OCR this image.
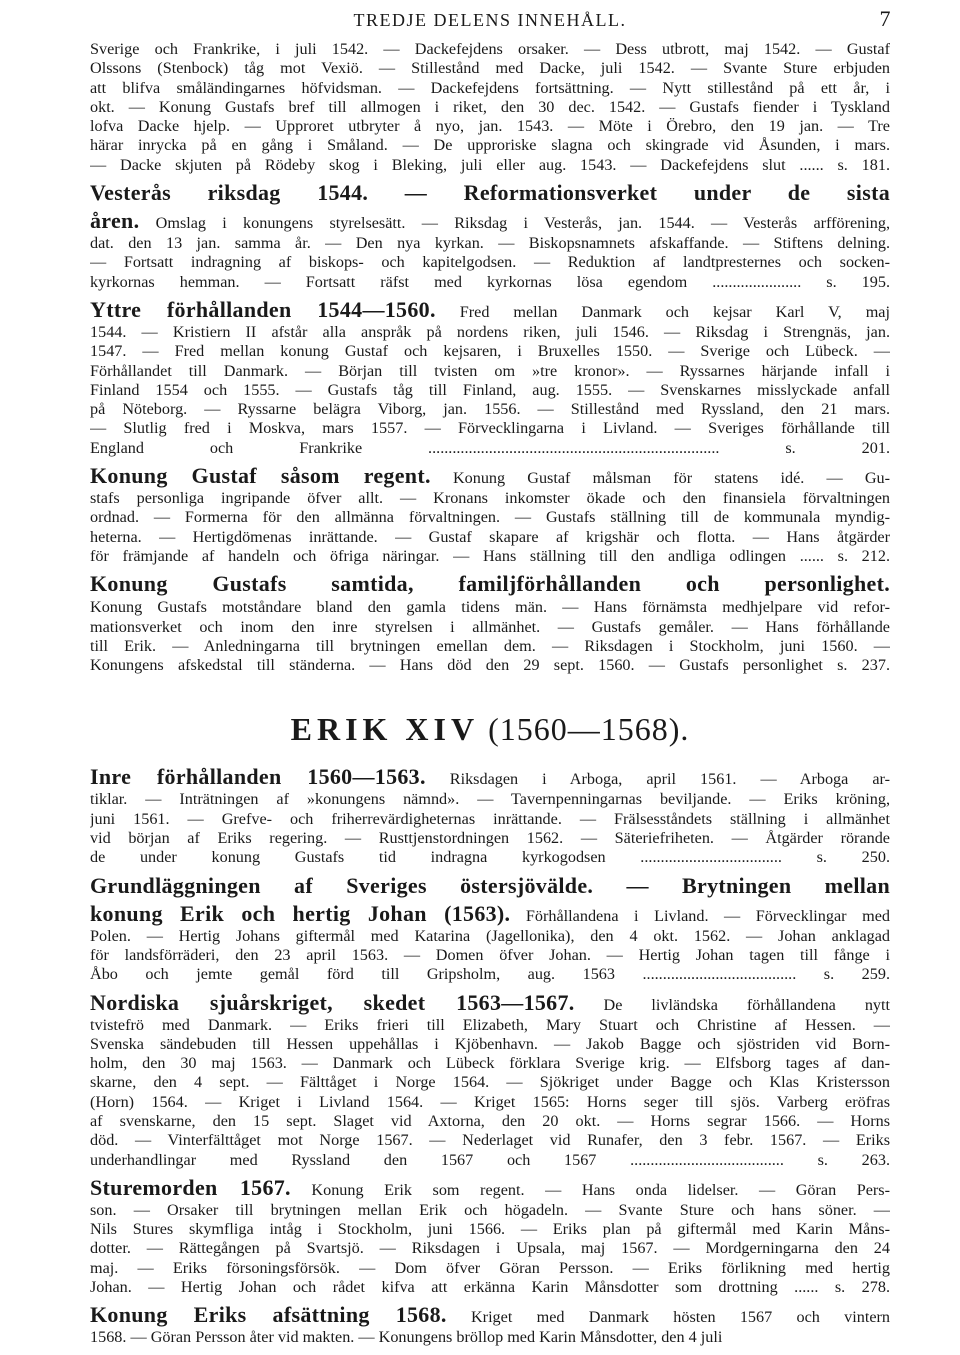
TREDJE DELENS INNEHÅLL.	7
Sverige och Frankrike, i juli 1542. — Dackefejdens orsaker. — Dess utbrott, maj 1542. — Gustaf
Olssons (Stenbock) tåg mot Vexiö. — Stillestånd med Dacke, juli 1542. — Svante Sture erbjuden
att blifva småländingarnes höfvidsman. — Dackefejdens fortsättning. — Nytt stillestånd på ett år, i
okt. — Konung Gustafs bref till allmogen i riket, den 30 dec. 1542. — Gustafs fiender i Tyskland
lofva Dacke hjelp. — Upproret utbryter å nyo, jan. 1543. — Möte i Örebro, den 19 jan. — Tre
härar inrycka på en gång i Småland. — De upproriske slagna och skingrade vid Åsunden, i mars.
— Dacke skjuten på Rödeby skog i Bleking, juli eller aug. 1543. — Dackefejdens slut ...... s. 181.
Vesterås riksdag 1544. — Reformationsverket under de sista
åren. Omslag i konungens styrelsesätt. — Riksdag i Vesterås, jan. 1544. — Vesterås arfförening,
dat. den 13 jan. samma år. — Den nya kyrkan. — Biskopsnamnets afskaffande. — Stiftens delning.
— Fortsatt indragning af biskops- och kapitelgodsen. — Reduktion af landtpresternes och socken-
kyrkornas hemman. — Fortsatt räfst med kyrkornas lösa egendom ...................... s. 195.
Yttre förhållanden 1544—1560. Fred mellan Danmark och kejsar Karl V, maj
1544. — Kristiern II afstår alla anspråk på nordens riken, juli 1546. — Riksdag i Strengnäs, jan.
1547. — Fred mellan konung Gustaf och kejsaren, i Bruxelles 1550. — Sverige och Lübeck. —
Förhållandet till Danmark. — Början till tvisten om »tre kronor». — Ryssarnes härjande infall i
Finland 1554 och 1555. — Gustafs tåg till Finland, aug. 1555. — Svenskarnes misslyckade anfall
på Nöteborg. — Ryssarne belägra Viborg, jan. 1556. — Stillestånd med Ryssland, den 21 mars.
— Slutlig fred i Moskva, mars 1557. — Förvecklingarna i Livland. — Sveriges förhållande till
England och Frankrike ........................................................................ s. 201.
Konung Gustaf såsom regent. Konung Gustaf målsman för statens idé. — Gu-
stafs personliga ingripande öfver allt. — Kronans inkomster ökade och den finansiela förvaltningen
ordnad. — Formerna för den allmänna förvaltningen. — Gustafs ställning till de kommunala myndig-
heterna. — Hertigdömenas inrättande. — Gustaf skapare af krigshär och flotta. — Hans åtgärder
för främjande af handeln och öfriga näringar. — Hans ställning till den andliga odlingen ...... s. 212.
Konung Gustafs samtida, familjförhållanden och personlighet.
Konung Gustafs motståndare bland den gamla tidens män. — Hans förnämsta medhjelpare vid refor-
mationsverket och inom den inre styrelsen i allmänhet. — Gustafs gemåler. — Hans förhållande
till Erik. — Anledningarna till brytningen emellan dem. — Riksdagen i Stockholm, juni 1560. —
Konungens afskedstal till ständerna. — Hans död den 29 sept. 1560. — Gustafs personlighet s. 237.
ERIK XIV (1560—1568).
Inre förhållanden 1560—1563. Riksdagen i Arboga, april 1561. — Arboga ar-
tiklar. — Inträtningen af »konungens nämnd». — Tavernpenningarnas beviljande. — Eriks kröning,
juni 1561. — Grefve- och friherrevärdigheternas inrättande. — Frälsesståndets ställning i allmänhet
vid början af Eriks regering. — Rusttjenstordningen 1562. — Säteriefriheten. — Åtgärder rörande
de under konung Gustafs tid indragna kyrkogodsen ................................... s. 250.
Grundläggningen af Sveriges östersjövälde. — Brytningen mellan
konung Erik och hertig Johan (1563). Förhållandena i Livland. — Förvecklingar med
Polen. — Hertig Johans giftermål med Katarina (Jagellonika), den 4 okt. 1562. — Johan anklagad
för landsförräderi, den 23 april 1563. — Domen öfver Johan. — Hertig Johan tagen till fånge i
Åbo och jemte gemål förd till Gripsholm, aug. 1563 ...................................... s. 259.
Nordiska sjuårskriget, skedet 1563—1567. De livländska förhållandena nytt
tvistefrö med Danmark. — Eriks frieri till Elizabeth, Mary Stuart och Christine af Hessen. —
Svenska sändebuden till Hessen uppehållas i Kjöbenhavn. — Jakob Bagge och sjöstriden vid Born-
holm, den 30 maj 1563. — Danmark och Lübeck förklara Sverige krig. — Elfsborg tages af dan-
skarne, den 4 sept. — Fälttåget i Norge 1564. — Sjökriget under Bagge och Klas Kristersson
(Horn) 1564. — Kriget i Livland 1564. — Kriget 1565: Horns seger till sjös. Varberg eröfras
af svenskarne, den 15 sept. Slaget vid Axtorna, den 20 okt. — Horns segrar 1566. — Horns
död. — Vinterfälttåget mot Norge 1567. — Nederlaget vid Runafer, den 3 febr. 1567. — Eriks
underhandlingar med Ryssland den 1567 och 1567 ...................................... s. 263.
Sturemorden 1567. Konung Erik som regent. — Hans onda lidelser. — Göran Pers-
son. — Orsaker till brytningen mellan Erik och högadeln. — Svante Sture och hans söner. —
Nils Stures skymfliga intåg i Stockholm, juni 1566. — Eriks plan på giftermål med Karin Måns-
dotter. — Rättegången på Svartsjö. — Riksdagen i Upsala, maj 1567. — Mordgerningarna den 24
maj. — Eriks försoningsförsök. — Dom öfver Göran Persson. — Eriks förlikning med hertig
Johan. — Hertig Johan och rådet kifva att erkänna Karin Månsdotter som drottning ...... s. 278.
Konung Eriks afsättning 1568. Kriget med Danmark hösten 1567 och vintern
1568. — Göran Persson åter vid makten. — Konungens bröllop med Karin Månsdotter, den 4 juli
